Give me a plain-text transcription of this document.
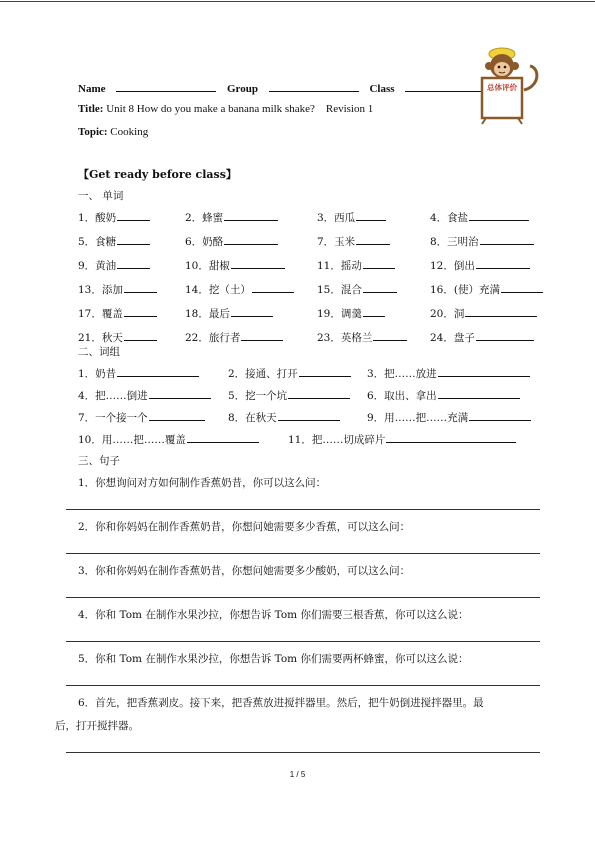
Name	Group	Class
Title: Unit 8 How do you make a banana milk shake?    Revision 1
Topic: Cooking
总体评价
【Get ready before class】
一、 单词
1．酸奶	2．蜂蜜	3．西瓜	4．食盐
5．食糖	6．奶酪	7．玉米	8．三明治
9．黄油	10．甜椒	11．摇动	12．倒出
13．添加	14．挖（土）	15．混合	16．(使）充满
17．覆盖	18．最后	19．调羹	20．洞
21．秋天	22．旅行者	23．英格兰	24．盘子
二、词组
1．奶昔	2．接通、打开	3．把……放进
4．把……倒进	5．挖一个坑	6．取出、拿出
7．一个接一个	8．在秋天	9．用……把……充满
10．用……把……覆盖	11．把……切成碎片
三、句子
1．你想询问对方如何制作香蕉奶昔，你可以这么问：
2．你和你妈妈在制作香蕉奶昔，你想问她需要多少香蕉，可以这么问：
3．你和你妈妈在制作香蕉奶昔，你想问她需要多少酸奶，可以这么问：
4．你和 Tom 在制作水果沙拉，你想告诉 Tom 你们需要三根香蕉，你可以这么说：
5．你和 Tom 在制作水果沙拉，你想告诉 Tom 你们需要两杯蜂蜜，你可以这么说：
6．首先，把香蕉剥皮。接下来，把香蕉放进搅拌器里。然后，把牛奶倒进搅拌器里。最
后，打开搅拌器。
1 / 5
